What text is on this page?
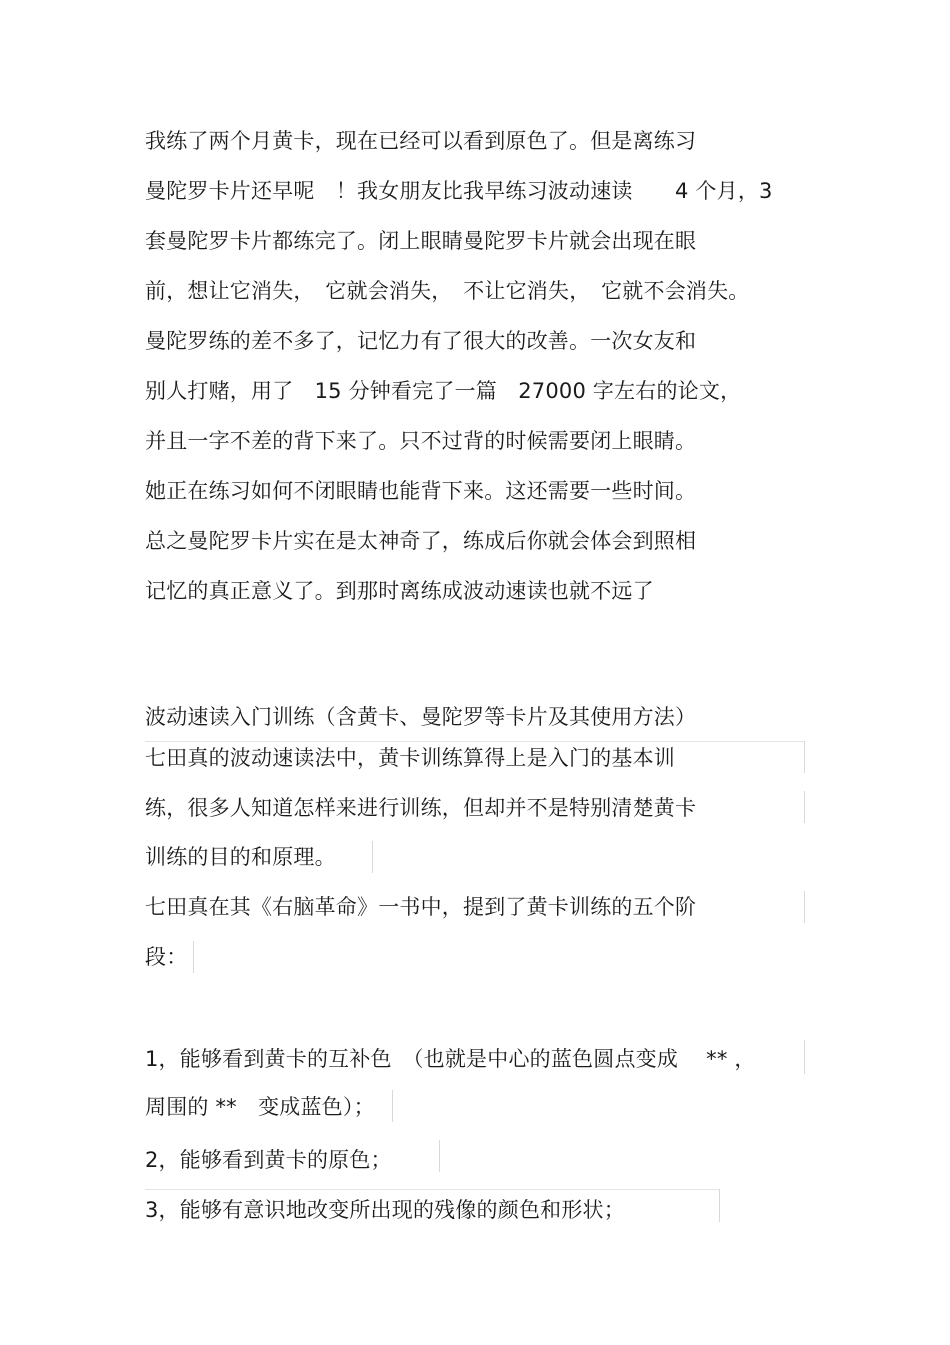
我练了两个月黄卡，现在已经可以看到原色了。但是离练习
曼陀罗卡片还早呢　！我女朋友比我早练习波动速读　　4 个月，3
套曼陀罗卡片都练完了。闭上眼睛曼陀罗卡片就会出现在眼
前，想让它消失，　它就会消失，　不让它消失，　它就不会消失。
曼陀罗练的差不多了，记忆力有了很大的改善。一次女友和
别人打赌，用了　15 分钟看完了一篇　27000 字左右的论文，
并且一字不差的背下来了。只不过背的时候需要闭上眼睛。
她正在练习如何不闭眼睛也能背下来。这还需要一些时间。
总之曼陀罗卡片实在是太神奇了，练成后你就会体会到照相
记忆的真正意义了。到那时离练成波动速读也就不远了
波动速读入门训练（含黄卡、曼陀罗等卡片及其使用方法）
七田真的波动速读法中，黄卡训练算得上是入门的基本训
练，很多人知道怎样来进行训练，但却并不是特别清楚黄卡
训练的目的和原理。
七田真在其《右脑革命》一书中，提到了黄卡训练的五个阶
段：
1，能够看到黄卡的互补色　（也就是中心的蓝色圆点变成　 ** ，
周围的 **　变成蓝色）；
2，能够看到黄卡的原色；
3，能够有意识地改变所出现的残像的颜色和形状；
